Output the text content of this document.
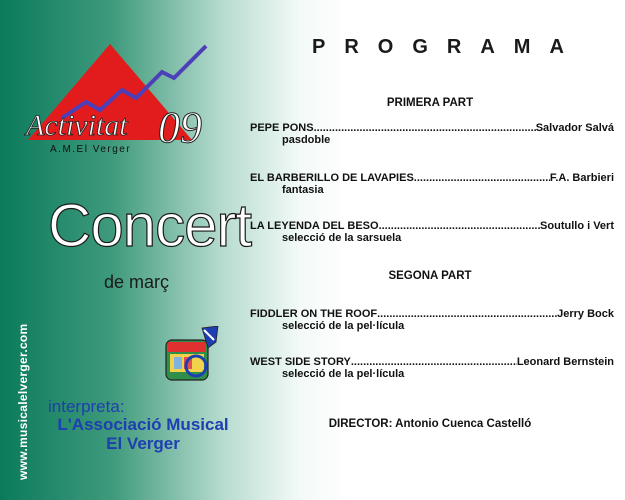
www.musicalelverger.com
Activitat 09
A.M.El Verger
Concert
de març
interpreta:
L'Associació Musical El Verger
PROGRAMA
PRIMERA PART
PEPE PONS .....	Salvador Salvá
pasdoble
EL BARBERILLO DE LAVAPIES. .....	F.A. Barbieri
fantasia
LA LEYENDA DEL BESO .....	Soutullo i Vert
selecció de la sarsuela
SEGONA PART
FIDDLER ON THE ROOF .....	Jerry Bock
selecció de la pel·lícula
WEST SIDE STORY .....	Leonard Bernstein
selecció de la pel·lícula
DIRECTOR: Antonio Cuenca Castelló
